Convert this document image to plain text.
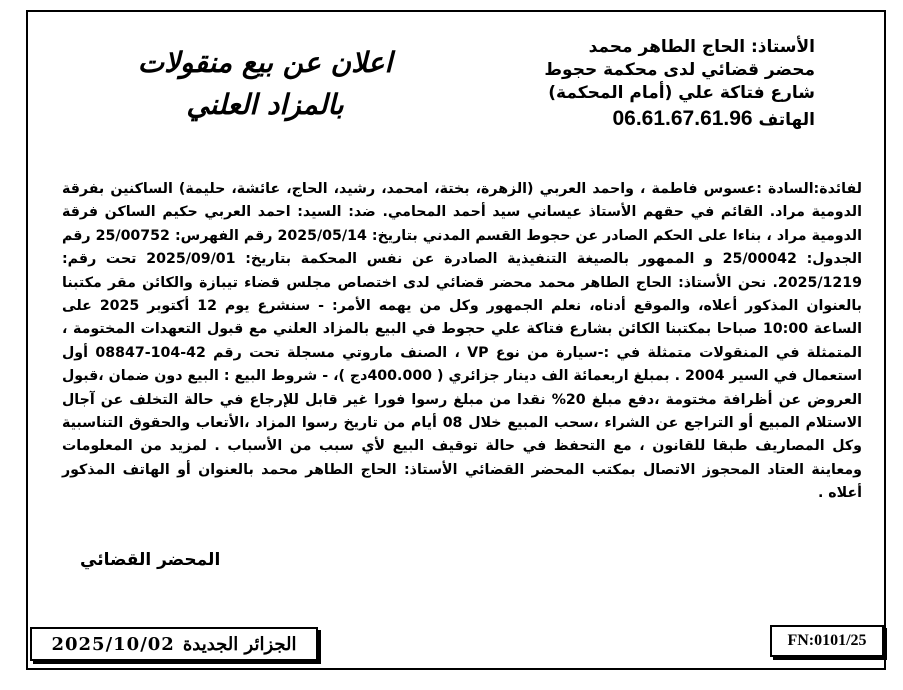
الأستاذ: الحاج الطاهر محمد
محضر قضائي لدى محكمة حجوط
شارع فتاكة علي (أمام المحكمة)
الهاتف 06.61.67.61.96
اعلان عن بيع منقولات
بالمزاد العلني

لفائدة:السادة :عسوس فاطمة ، واحمد العربي (الزهرة، بختة، امحمد، رشيد، الحاج، عائشة، حليمة) الساكنين بفرقة الدومية مراد. القائم في حقهم الأستاذ عيساني سيد أحمد المحامي. ضد: السيد: احمد العربي حكيم الساكن فرقة الدومية مراد ، بناءا على الحكم الصادر عن حجوط القسم المدني بتاريخ: 2025/05/14 رقم الفهرس: 25/00752 رقم الجدول: 25/00042 و الممهور بالصيغة التنفيذية الصادرة عن نفس المحكمة بتاريخ: 2025/09/01 تحت رقم: 2025/1219. نحن الأستاذ: الحاج الطاهر محمد محضر قضائي لدى اختصاص مجلس قضاء تيبازة والكائن مقر مكتبنا بالعنوان المذكور أعلاه، والموقع أدناه، نعلم الجمهور وكل من يهمه الأمر: - سنشرع يوم 12 أكتوبر 2025 على الساعة 10:00 صباحا بمكتبنا الكائن بشارع فتاكة علي حجوط في البيع بالمزاد العلني مع قبول التعهدات المختومة ، المتمثلة في المنقولات متمثلة في :-سيارة من نوع VP ، الصنف ماروتي مسجلة تحت رقم 42-104-08847 أول استعمال في السير 2004 . بمبلغ اربعمائة الف دينار جزائري ( 400.000دج )، - شروط البيع : البيع دون ضمان ،قبول العروض عن أظرافة مختومة ،دفع مبلغ 20% نقدا من مبلغ رسوا فورا غير قابل للإرجاع في حالة التخلف عن آجال الاستلام المبيع أو التراجع عن الشراء ،سحب المبيع خلال 08 أيام من تاريخ رسوا المزاد ،الأتعاب والحقوق التناسبية وكل المصاريف طبقا للقانون ، مع التحفظ في حالة توقيف البيع لأي سبب من الأسباب . لمزيد من المعلومات ومعاينة العتاد المحجوز الاتصال بمكتب المحضر القضائي الأستاذ: الحاج الطاهر محمد بالعنوان أو الهاتف المذكور أعلاه .

المحضر القضائي
2025/10/02 الجزائر الجديدة	FN:0101/25
